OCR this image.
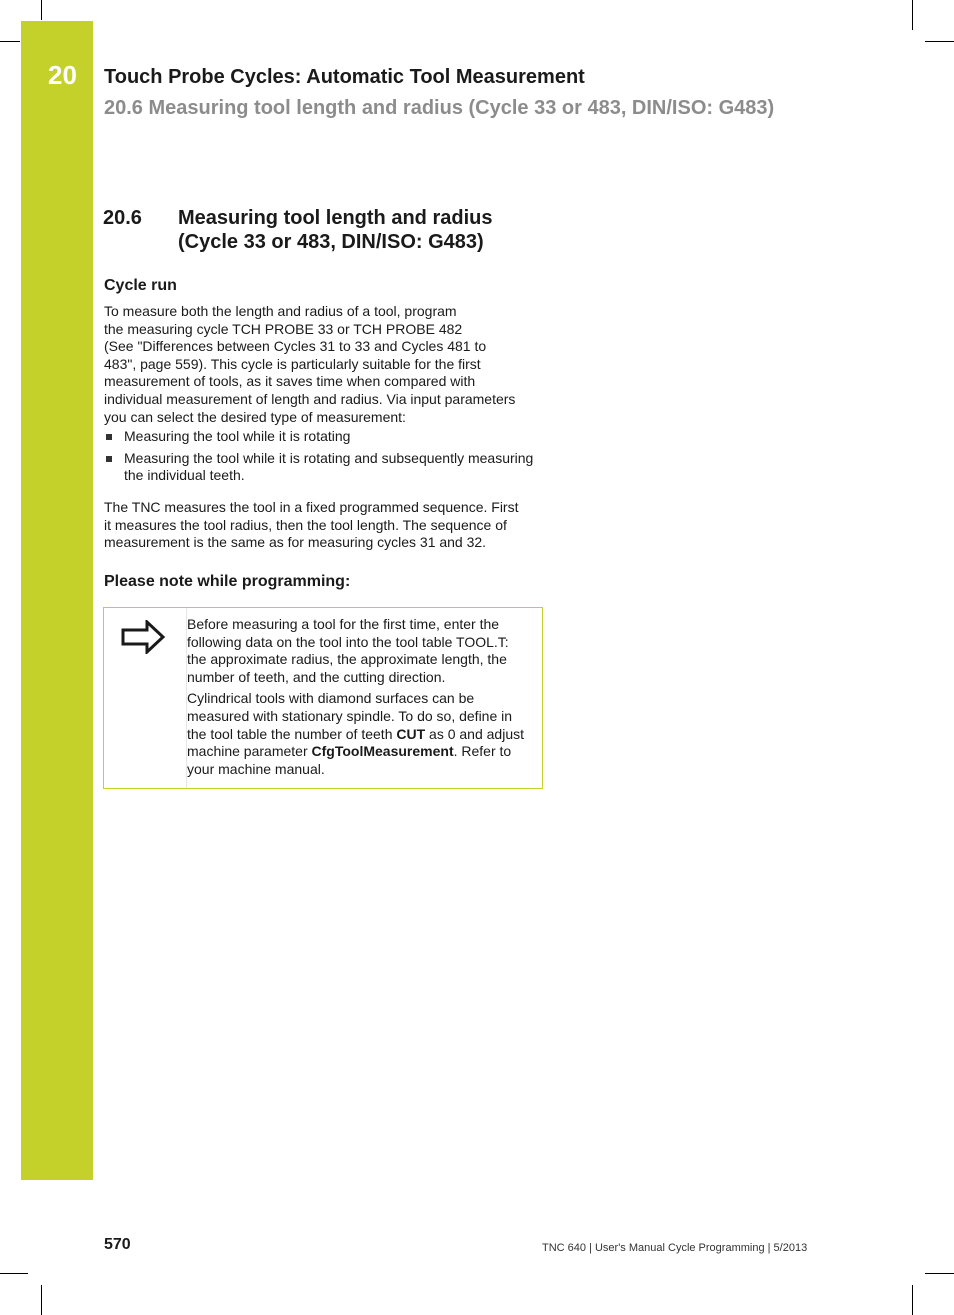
20 Touch Probe Cycles: Automatic Tool Measurement
20.6 Measuring tool length and radius (Cycle 33 or 483, DIN/ISO: G483)
20.6 Measuring tool length and radius
(Cycle 33 or 483, DIN/ISO: G483)
Cycle run
To measure both the length and radius of a tool, program
the measuring cycle TCH PROBE 33 or TCH PROBE 482
(See "Differences between Cycles 31 to 33 and Cycles 481 to
483", page 559). This cycle is particularly suitable for the first
measurement of tools, as it saves time when compared with
individual measurement of length and radius. Via input parameters
you can select the desired type of measurement:
Measuring the tool while it is rotating
Measuring the tool while it is rotating and subsequently measuring the individual teeth.
The TNC measures the tool in a fixed programmed sequence. First
it measures the tool radius, then the tool length. The sequence of
measurement is the same as for measuring cycles 31 and 32.
Please note while programming:

Before measuring a tool for the first time, enter the following data on the tool into the tool table TOOL.T: the approximate radius, the approximate length, the number of teeth, and the cutting direction.

Cylindrical tools with diamond surfaces can be measured with stationary spindle. To do so, define in the tool table the number of teeth CUT as 0 and adjust machine parameter CfgToolMeasurement. Refer to your machine manual.

570	TNC 640 | User's Manual Cycle Programming | 5/2013
